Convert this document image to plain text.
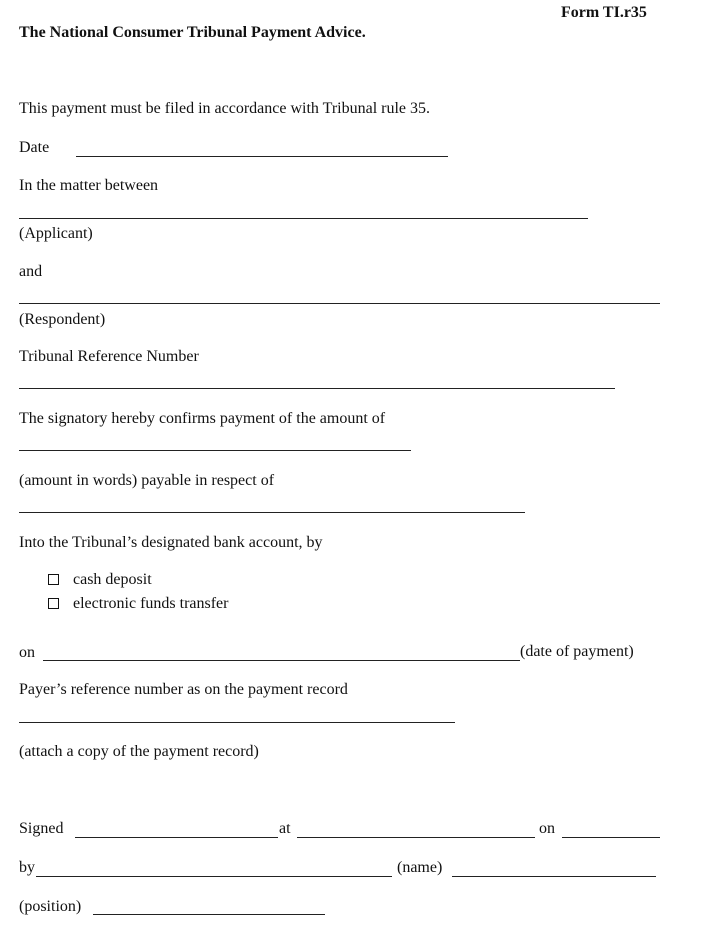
Form TI.r35
The National Consumer Tribunal Payment Advice.
This payment must be filed in accordance with Tribunal rule 35.
Date
In the matter between
(Applicant)
and
(Respondent)
Tribunal Reference Number
The signatory hereby confirms payment of the amount of
(amount in words) payable in respect of
Into the Tribunal’s designated bank account, by
cash deposit
electronic funds transfer
on	(date of payment)
Payer’s reference number as on the payment record
(attach a copy of the payment record)
Signed	at	on
by	(name)
(position)
